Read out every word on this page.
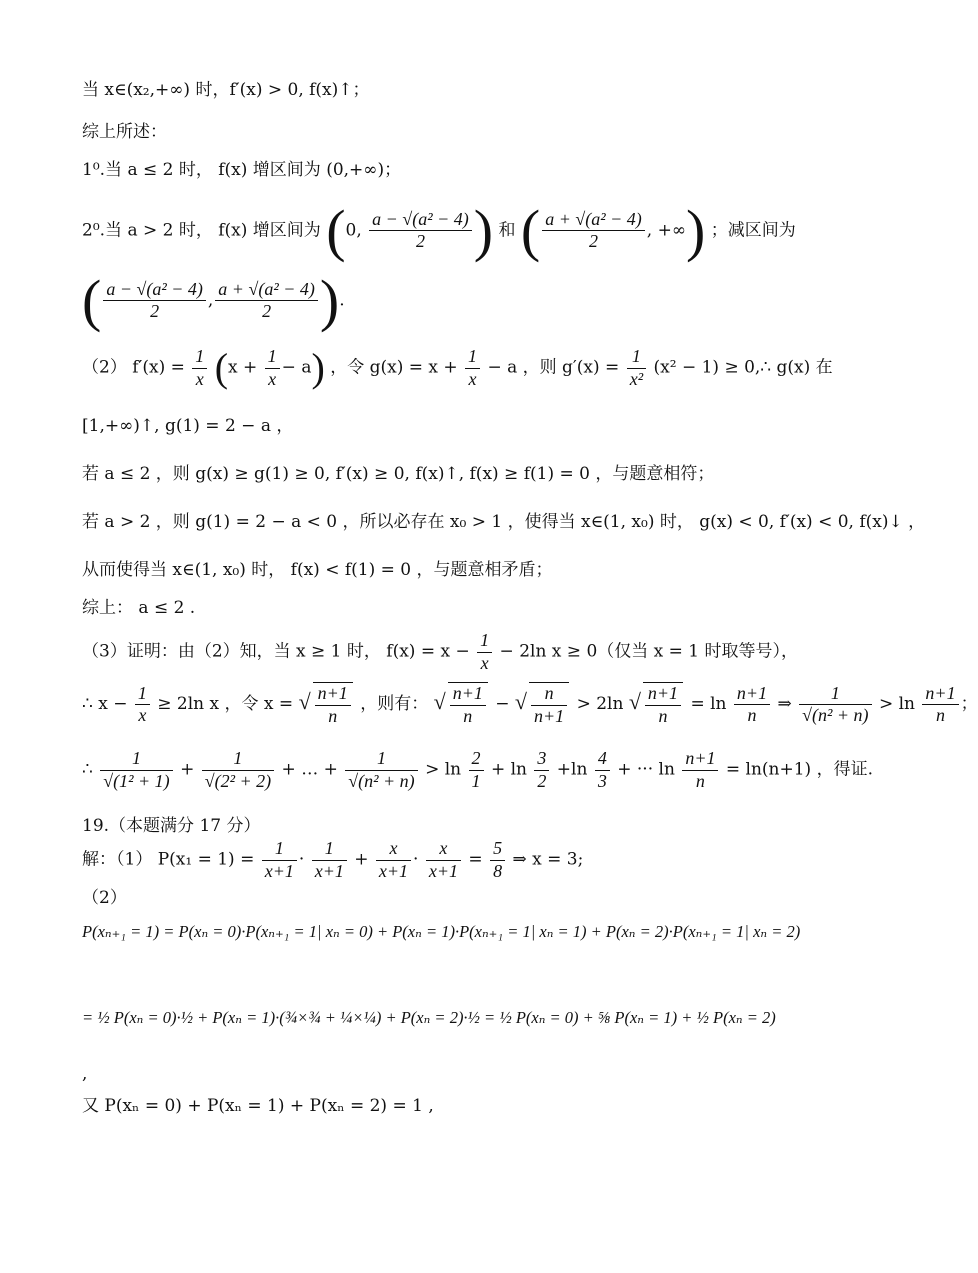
当 x∈(x₂,+∞) 时，f′(x) > 0, f(x)↑；
综上所述：
1⁰.当 a ≤ 2 时， f(x) 增区间为 (0,+∞)；
2⁰.当 a > 2 时， f(x) 增区间为 (0, $\frac{\text{a − √(a² − 4)}}{2}$ ) 和 ( $\frac{\text{a + √(a² − 4)}}{2}$ , +∞) ；减区间为
( $\frac{\text{a − √(a² − 4)}}{2}$ , $\frac{\text{a + √(a² − 4)}}{2}$ ).
（2） $f'(x) = \frac{1}{x} (x + \frac{1}{x} - a)$ ，令 $g(x) = x + \frac{1}{x} - a$ ，则 $g'(x) = \frac{1}{\text{x²}} (x^2 - 1)$ ≥ 0,∴ g(x) 在
[1,+∞)↑, g(1) = 2 − a ，
若 a ≤ 2 ，则 g(x) ≥ g(1) ≥ 0, f′(x) ≥ 0, f(x)↑, f(x) ≥ f(1) = 0 ，与题意相符；
若 a > 2 ，则 g(1) = 2 − a < 0 ，所以必存在 x₀ > 1 ，使得当 x∈(1, x₀) 时， g(x) < 0, f′(x) < 0, f(x)↓ ，
从而使得当 x∈(1, x₀) 时， f(x) < f(1) = 0 ，与题意相矛盾；
综上： a ≤ 2 .
（3）证明：由（2）知，当 x ≥ 1 时， $f(x) = x - \frac{1}{x} - 2\ln$ x ≥ 0（仅当 x = 1 时取等号），
∴ $x - \frac{1}{x} \ge 2\ln$ x ，令 x = √ $\frac{n+1}{n}$ ，则有： √ $\frac{n+1}{n}$ − √ $\frac{n}{n+1} > 2\ln$ √ $\frac{n+1}{n} = \ln \frac{n+1}{n}$ ⇒ $\frac{1}{\text{√(n² + n)}} > \ln \frac{n+1}{n}$ ；
∴ $\frac{1}{\text{√(1² + 1)}} + \frac{1}{\text{√(2² + 2)}}$ + … + $\frac{1}{\text{√(n² + n)}} > \ln \frac{2}{1} + \ln \frac{3}{2} +\ln \frac{4}{3}$ + ··· $\ln \frac{n+1}{n} = \ln(n+1)$ ，得证.
19.（本题满分 17 分）
解：（1） $P(x_1 = 1) = \frac{1}{x+1} \cdot \frac{1}{x+1} + \frac{x}{x+1} \cdot \frac{x}{x+1} = \frac{5}{8}$ ⇒ x = 3;
（2）
P(xₙ₊₁ = 1) = P(xₙ = 0)·P(xₙ₊₁ = 1| xₙ = 0) + P(xₙ = 1)·P(xₙ₊₁ = 1| xₙ = 1) + P(xₙ = 2)·P(xₙ₊₁ = 1| xₙ = 2)
= ½ P(xₙ = 0)·½ + P(xₙ = 1)·(¾×¾ + ¼×¼) + P(xₙ = 2)·½ = ½ P(xₙ = 0) + ⅝ P(xₙ = 1) + ½ P(xₙ = 2)
,
又 P(xₙ = 0) + P(xₙ = 1) + P(xₙ = 2) = 1 ,
